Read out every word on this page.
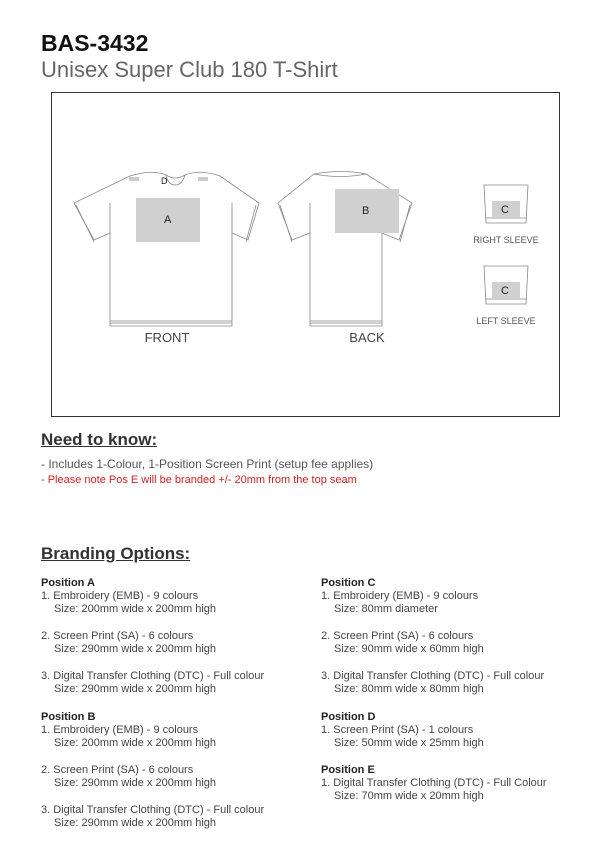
BAS-3432
Unisex Super Club 180 T-Shirt
D
A
B	C
C
FRONT	BACK
RIGHT SLEEVE
LEFT SLEEVE
Need to know:
- Includes 1-Colour, 1-Position Screen Print (setup fee applies)
- Please note Pos E will be branded +/- 20mm from the top seam
Branding Options:
Position A
1. Embroidery (EMB) - 9 colours
Size: 200mm wide x 200mm high
2. Screen Print (SA) - 6 colours
Size: 290mm wide x 200mm high
3. Digital Transfer Clothing (DTC) - Full colour
Size: 290mm wide x 200mm high
Position B
1. Embroidery (EMB) - 9 colours
Size: 200mm wide x 200mm high
2. Screen Print (SA) - 6 colours
Size: 290mm wide x 200mm high
3. Digital Transfer Clothing (DTC) - Full colour
Size: 290mm wide x 200mm high
Position C
1. Embroidery (EMB) - 9 colours
Size: 80mm diameter
2. Screen Print (SA) - 6 colours
Size: 90mm wide x 60mm high
3. Digital Transfer Clothing (DTC) - Full colour
Size: 80mm wide x 80mm high
Position D
1. Screen Print (SA) - 1 colours
Size: 50mm wide x 25mm high
Position E
1. Digital Transfer Clothing (DTC) - Full Colour
Size: 70mm wide x 20mm high
